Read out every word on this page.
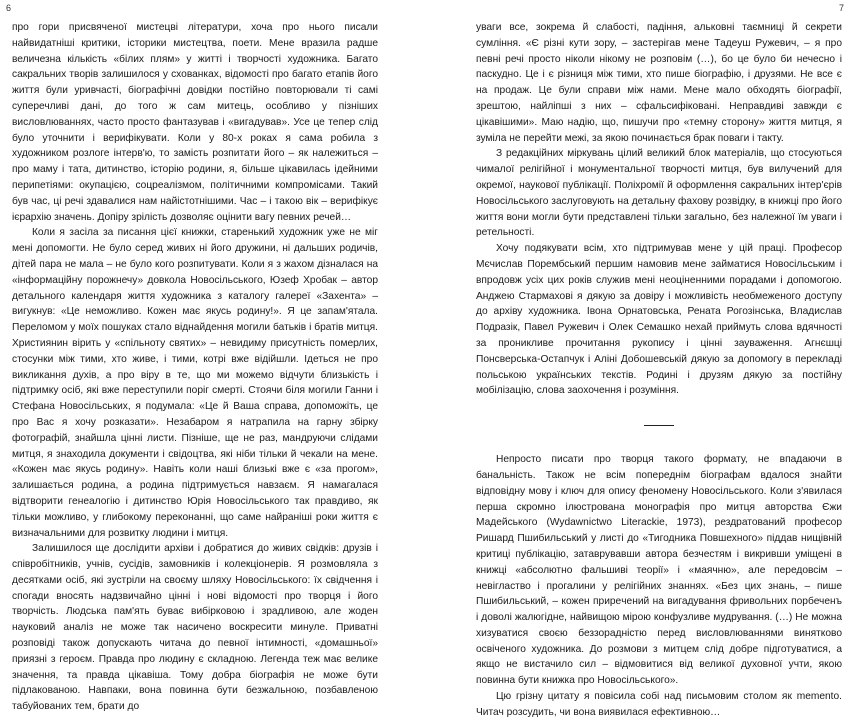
6	7

про гори присвяченої мистецві літератури, хоча про нього писали найвидатніші критики, історики мистецтва, поети. Мене вразила радше величезна кількість «білих плям» у житті і творчості художника. Багато сакральних творів залишилося у схованках, відомості про багато етапів його життя були уривчасті, біографічні довідки постійно повторювали ті самі суперечливі дані, до того ж сам митець, особливо у пізніших висловлюваннях, часто просто фантазував і «вигадував». Усе це тепер слід було уточнити і верифікувати. Коли у 80-х роках я сама робила з художником розлоге інтерв'ю, то замість розпитати його – як належиться – про маму і тата, дитинство, історію родини, я, більше цікавилась ідейними перипетіями: окупацією, соцреалізмом, політичними компромісами. Такий був час, ці речі здавалися нам найістотнішими. Час – і такою вік – верифікує ієрархію значень. Допіру зрілість дозволяє оцінити вагу певних речей…

Коли я засіла за писання цієї книжки, старенький художник уже не міг мені допомогти. Не було серед живих ні його дружини, ні дальших родичів, дітей пара не мала – не було кого розпитувати. Коли я з жахом дізналася на «інформаційну порожнечу» довкола Новосільського, Юзеф Хробак – автор детального календаря життя художника з каталогу галереї «Захента» – вигукнув: «Це неможливо. Кожен має якусь родину!». Я це запам'ятала. Переломом у моїх пошуках стало віднайдення могили батьків і братів митця. Християнин вірить у «спільноту святих» – невидиму присутність померлих, стосунки між тими, хто живе, і тими, котрі вже відійшли. Ідеться не про викликання духів, а про віру в те, що ми можемо відчути близькість і підтримку осіб, які вже переступили поріг смерті. Стоячи біля могили Ганни і Стефана Новосільських, я подумала: «Це й Ваша справа, допоможіть, це про Вас я хочу розказати». Незабаром я натрапила на гарну збірку фотографій, знайшла цінні листи. Пізніше, ще не раз, мандруючи слідами митця, я знаходила документи і свідоцтва, які ніби тільки й чекали на мене. «Кожен має якусь родину». Навіть коли наші близькі вже є «за прогом», залишається родина, а родина підтримується навзаєм. Я намагалася відтворити генеалогію і дитинство Юрія Новосільського так правдиво, як тільки можливо, у глибокому переконанні, що саме найраніші роки життя є визначальними для розвитку людини і митця.

Залишилося ще дослідити архіви і добратися до живих свідків: друзів і співробітників, учнів, сусідів, замовників і колекціонерів. Я розмовляла з десятками осіб, які зустріли на своєму шляху Новосільського: їх свідчення і спогади вносять надзвичайно цінні і нові відомості про творця і його творчість. Людська пам'ять буває вибірковою і зрадливою, але жоден науковий аналіз не може так насичено воскресити минуле. Приватні розповіді також допускають читача до певної інтимності, «домашньої» приязні з героєм. Правда про людину є складною. Легенда теж має велике значення, та правда цікавіша. Тому добра біографія не може бути підлакованою. Навпаки, вона повинна бути безжальною, позбавленою табуйованих тем, брати до

уваги все, зокрема й слабості, падіння, альковні таємниці й секрети сумління. «Є різні кути зору, – застерігав мене Тадеуш Ружевич, – я про певні речі просто ніколи нікому не розповім (…), бо це було би нечесно і паскудно. Це і є різниця між тими, хто пише біографію, і друзями. Не все є на продаж. Це були справи між нами. Мене мало обходять біографії, зрештою, найліпші з них – сфальсифіковані. Неправдиві завжди є цікавішими». Маю надію, що, пишучи про «темну сторону» життя митця, я зуміла не перейти межі, за якою починається брак поваги і такту.

З редакційних міркувань цілий великий блок матеріалів, що стосуються чималої релігійної і монументальної творчості митця, був вилучений для окремої, наукової публікації. Поліхромії й оформлення сакральних інтер'єрів Новосільського заслуговують на детальну фахову розвідку, в книжці про його життя вони могли бути представлені тільки загально, без належної їм уваги і ретельності.

Хочу подякувати всім, хто підтримував мене у цій праці. Професор Мєчислав Порембський першим намовив мене займатися Новосільським і впродовж усіх цих років служив мені неоціненними порадами і допомогою. Анджею Стармахові я дякую за довіру і можливість необмеженого доступу до архіву художника. Івона Орнатовська, Рената Рогозінська, Владислав Подразік, Павел Ружевич і Олек Семашко нехай приймуть слова вдячності за проникливе прочитання рукопису і цінні зауваження. Агнєшці Понсверська-Остапчук і Аліні Добошевській дякую за допомогу в перекладі польською українських текстів. Родині і друзям дякую за постійну мобілізацію, слова заохочення і розуміння.

Непросто писати про творця такого формату, не впадаючи в банальність. Також не всім попереднім біографам вдалося знайти відповідну мову і ключ для опису феномену Новосільського. Коли з'явилася перша скромно ілюстрована монографія про митця авторства Єжи Мадейського (Wydawnictwo Literackie, 1973), рездратований професор Ришард Пшибильський у листі до «Тигодника Повшехного» піддав нищівній критиці публікацію, затаврувавши автора безчестям і викривши уміщені в книжці «абсолютно фальшиві теорії» і «маячню», але передовсім – невіглаcтво і прогалини у релігійних знаннях. «Без цих знань, – пише Пшибильський, – кожен прирeчений на вигадування фривольних порбеченъ і доволі жалюгідне, найвищою мірою конфузливе мудрування. (…) Не можна хизуватися своєю беззорадністю перед висловлюваннями винятково освіченого художника. До розмови з митцем слід добре підготуватися, а якщо не вистачило сил – відмовитися від великої духовної учти, якою повинна бути книжка про Новосільського».

Цю грізну цитату я повісила собі над письмовим столом як memento. Читач розсудить, чи вона виявилася ефективною…
